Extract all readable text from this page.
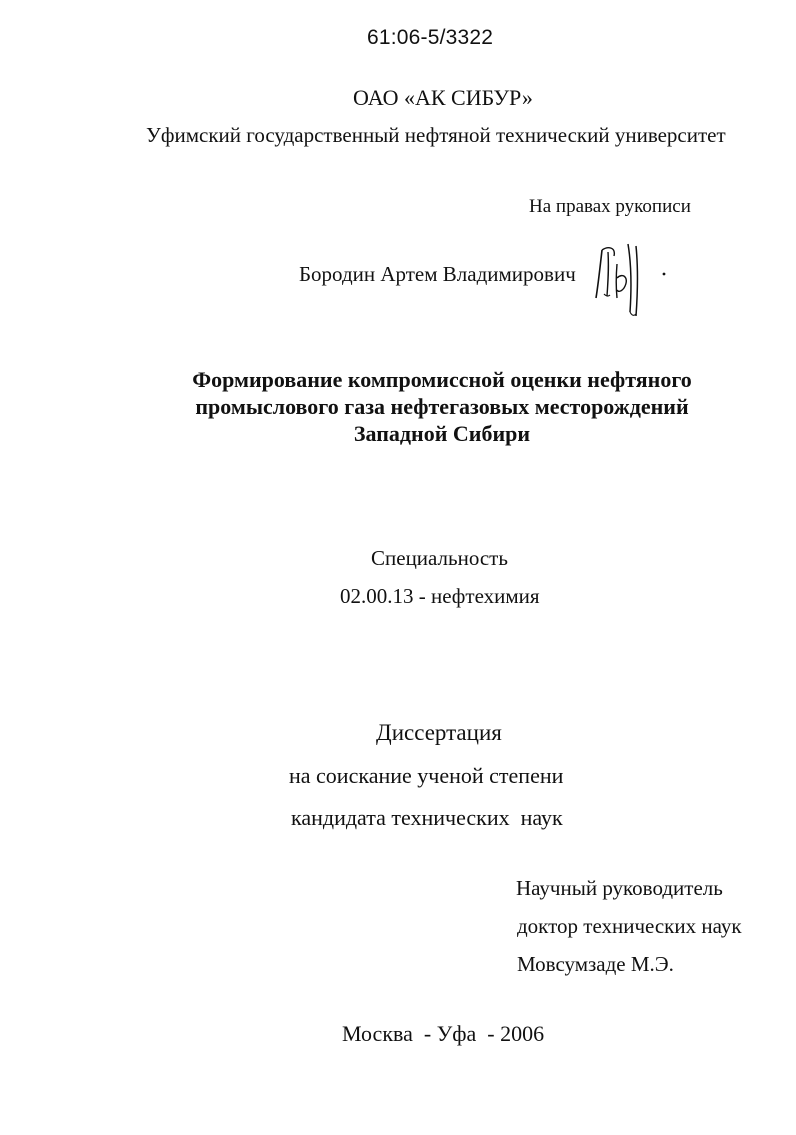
61:06-5/3322
ОАО «АК СИБУР»
Уфимский государственный нефтяной технический университет
На правах рукописи
Бородин Артем Владимирович
Формирование компромиссной оценки нефтяного
промыслового газа нефтегазовых месторождений
Западной Сибири
Специальность
02.00.13 - нефтехимия
Диссертация
на соискание ученой степени
кандидата технических  наук
Научный руководитель
доктор технических наук
Мовсумзаде М.Э.
Москва  - Уфа  - 2006
